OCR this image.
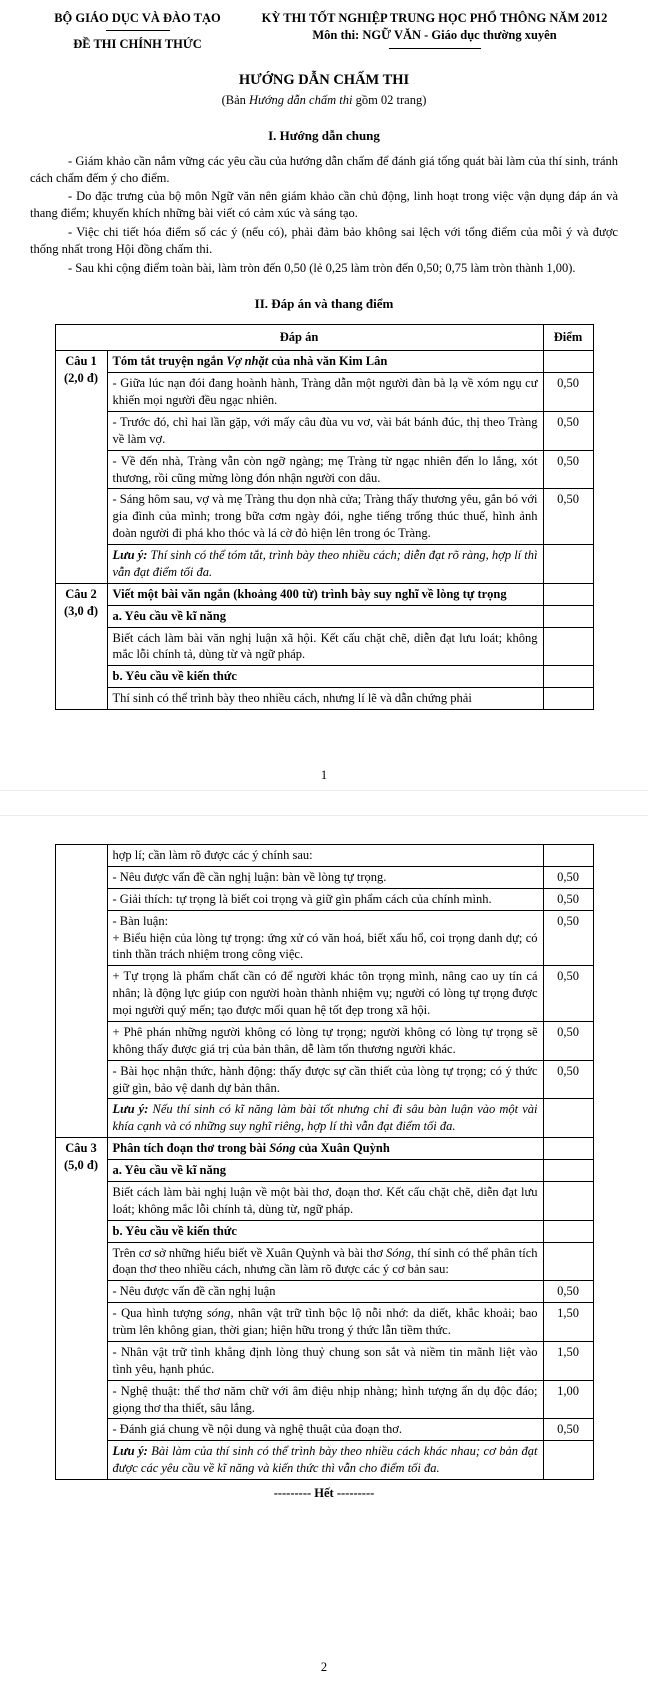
BỘ GIÁO DỤC VÀ ĐÀO TẠO
ĐỀ THI CHÍNH THỨC
KỲ THI TỐT NGHIỆP TRUNG HỌC PHỔ THÔNG NĂM 2012
Môn thi: NGỮ VĂN - Giáo dục thường xuyên
HƯỚNG DẪN CHẤM THI
(Bản Hướng dẫn chấm thi gồm 02 trang)
I. Hướng dẫn chung

- Giám khảo cần nắm vững các yêu cầu của hướng dẫn chấm để đánh giá tổng quát bài làm của thí sinh, tránh cách chấm đếm ý cho điểm.

- Do đặc trưng của bộ môn Ngữ văn nên giám khảo cần chủ động, linh hoạt trong việc vận dụng đáp án và thang điểm; khuyến khích những bài viết có cảm xúc và sáng tạo.

- Việc chi tiết hóa điểm số các ý (nếu có), phải đảm bảo không sai lệch với tổng điểm của mỗi ý và được thống nhất trong Hội đồng chấm thi.

- Sau khi cộng điểm toàn bài, làm tròn đến 0,50 (lẻ 0,25 làm tròn đến 0,50; 0,75 làm tròn thành 1,00).

II. Đáp án và thang điểm
Đáp án		Điểm

Câu 1
(2,0 đ)	Tóm tắt truyện ngắn Vợ nhặt của nhà văn Kim Lân	

	- Giữa lúc nạn đói đang hoành hành, Tràng dẫn một người đàn bà lạ về xóm ngụ cư khiến mọi người đều ngạc nhiên.	0,50

	- Trước đó, chỉ hai lần gặp, với mấy câu đùa vu vơ, vài bát bánh đúc, thị theo Tràng về làm vợ.	0,50

	- Về đến nhà, Tràng vẫn còn ngỡ ngàng; mẹ Tràng từ ngạc nhiên đến lo lắng, xót thương, rồi cũng mừng lòng đón nhận người con dâu.	0,50

	- Sáng hôm sau, vợ và mẹ Tràng thu dọn nhà cửa; Tràng thấy thương yêu, gắn bó với gia đình của mình; trong bữa cơm ngày đói, nghe tiếng trống thúc thuế, hình ảnh đoàn người đi phá kho thóc và lá cờ đỏ hiện lên trong óc Tràng.	0,50

	Lưu ý: Thí sinh có thể tóm tắt, trình bày theo nhiều cách; diễn đạt rõ ràng, hợp lí thì vẫn đạt điểm tối đa.	

Câu 2
(3,0 đ)	Viết một bài văn ngắn (khoảng 400 từ) trình bày suy nghĩ về lòng tự trọng	

	a. Yêu cầu về kĩ năng	

	Biết cách làm bài văn nghị luận xã hội. Kết cấu chặt chẽ, diễn đạt lưu loát; không mắc lỗi chính tả, dùng từ và ngữ pháp.	

	b. Yêu cầu về kiến thức	

	Thí sinh có thể trình bày theo nhiều cách, nhưng lí lẽ và dẫn chứng phải	

1

	hợp lí; cần làm rõ được các ý chính sau:	

	- Nêu được vấn đề cần nghị luận: bàn về lòng tự trọng.	0,50

	- Giải thích: tự trọng là biết coi trọng và giữ gìn phẩm cách của chính mình.	0,50

	- Bàn luận:
+ Biểu hiện của lòng tự trọng: ứng xử có văn hoá, biết xấu hổ, coi trọng danh dự; có tinh thần trách nhiệm trong công việc.	0,50

	+ Tự trọng là phẩm chất cần có để người khác tôn trọng mình, nâng cao uy tín cá nhân; là động lực giúp con người hoàn thành nhiệm vụ; người có lòng tự trọng được mọi người quý mến; tạo được mối quan hệ tốt đẹp trong xã hội.	0,50

	+ Phê phán những người không có lòng tự trọng; người không có lòng tự trọng sẽ không thấy được giá trị của bản thân, dễ làm tổn thương người khác.	0,50

	- Bài học nhận thức, hành động: thấy được sự cần thiết của lòng tự trọng; có ý thức giữ gìn, bảo vệ danh dự bản thân.	0,50

	Lưu ý: Nếu thí sinh có kĩ năng làm bài tốt nhưng chỉ đi sâu bàn luận vào một vài khía cạnh và có những suy nghĩ riêng, hợp lí thì vẫn đạt điểm tối đa.	

Câu 3
(5,0 đ)	Phân tích đoạn thơ trong bài Sóng của Xuân Quỳnh	

	a. Yêu cầu về kĩ năng	

	Biết cách làm bài nghị luận về một bài thơ, đoạn thơ. Kết cấu chặt chẽ, diễn đạt lưu loát; không mắc lỗi chính tả, dùng từ, ngữ pháp.	

	b. Yêu cầu về kiến thức	

	Trên cơ sở những hiểu biết về Xuân Quỳnh và bài thơ Sóng, thí sinh có thể phân tích đoạn thơ theo nhiều cách, nhưng cần làm rõ được các ý cơ bản sau:	

	- Nêu được vấn đề cần nghị luận	0,50

	- Qua hình tượng sóng, nhân vật trữ tình bộc lộ nỗi nhớ: da diết, khắc khoải; bao trùm lên không gian, thời gian; hiện hữu trong ý thức lẫn tiềm thức.	1,50

	- Nhân vật trữ tình khẳng định lòng thuỷ chung son sắt và niềm tin mãnh liệt vào tình yêu, hạnh phúc.	1,50

	- Nghệ thuật: thể thơ năm chữ với âm điệu nhịp nhàng; hình tượng ẩn dụ độc đáo; giọng thơ tha thiết, sâu lắng.	1,00

	- Đánh giá chung về nội dung và nghệ thuật của đoạn thơ.	0,50

	Lưu ý: Bài làm của thí sinh có thể trình bày theo nhiều cách khác nhau; cơ bản đạt được các yêu cầu về kĩ năng và kiến thức thì vẫn cho điểm tối đa.	

--------- Hết ---------
2
